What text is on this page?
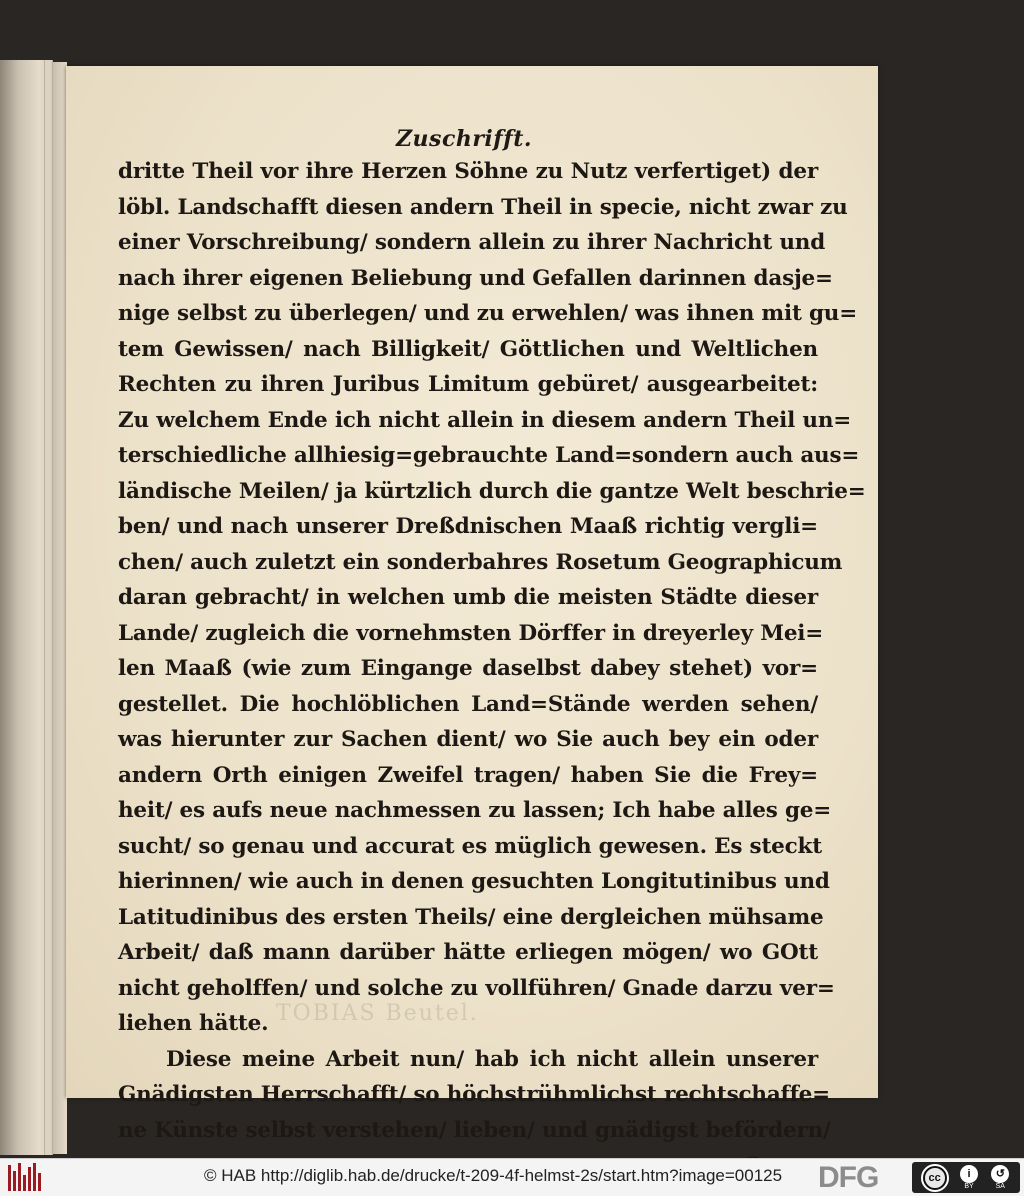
Zuschrifft.
dritte Theil vor ihre Herzen Söhne zu Nutz verfertiget) der
löbl. Landschafft diesen andern Theil in specie, nicht zwar zu
einer Vorschreibung/ sondern allein zu ihrer Nachricht und
nach ihrer eigenen Beliebung und Gefallen darinnen dasje=
nige selbst zu überlegen/ und zu erwehlen/ was ihnen mit gu=
tem Gewissen/ nach Billigkeit/ Göttlichen und Weltlichen
Rechten zu ihren Juribus Limitum gebüret/ ausgearbeitet:
Zu welchem Ende ich nicht allein in diesem andern Theil un=
terschiedliche allhiesig=gebrauchte Land=sondern auch aus=
ländische Meilen/ ja kürtzlich durch die gantze Welt beschrie=
ben/ und nach unserer Dreßdnischen Maaß richtig vergli=
chen/ auch zuletzt ein sonderbahres Rosetum Geographicum
daran gebracht/ in welchen umb die meisten Städte dieser
Lande/ zugleich die vornehmsten Dörffer in dreyerley Mei=
len Maaß (wie zum Eingange daselbst dabey stehet) vor=
gestellet. Die hochlöblichen Land=Stände werden sehen/
was hierunter zur Sachen dient/ wo Sie auch bey ein oder
andern Orth einigen Zweifel tragen/ haben Sie die Frey=
heit/ es aufs neue nachmessen zu lassen; Ich habe alles ge=
sucht/ so genau und accurat es müglich gewesen. Es steckt
hierinnen/ wie auch in denen gesuchten Longitutinibus und
Latitudinibus des ersten Theils/ eine dergleichen mühsame
Arbeit/ daß mann darüber hätte erliegen mögen/ wo GOtt
nicht geholffen/ und solche zu vollführen/ Gnade darzu ver=
liehen hätte.
Diese meine Arbeit nun/ hab ich nicht allein unserer
Gnädigsten Herrschafft/ so höchstrühmlichst rechtschaffe=
ne Künste selbst verstehen/ lieben/ und gnädigst befördern/
TOBIAS Beutel.
© HAB http://diglib.hab.de/drucke/t-209-4f-helmst-2s/start.htm?image=00125 DFG	cc	i
BY
↺
SA
